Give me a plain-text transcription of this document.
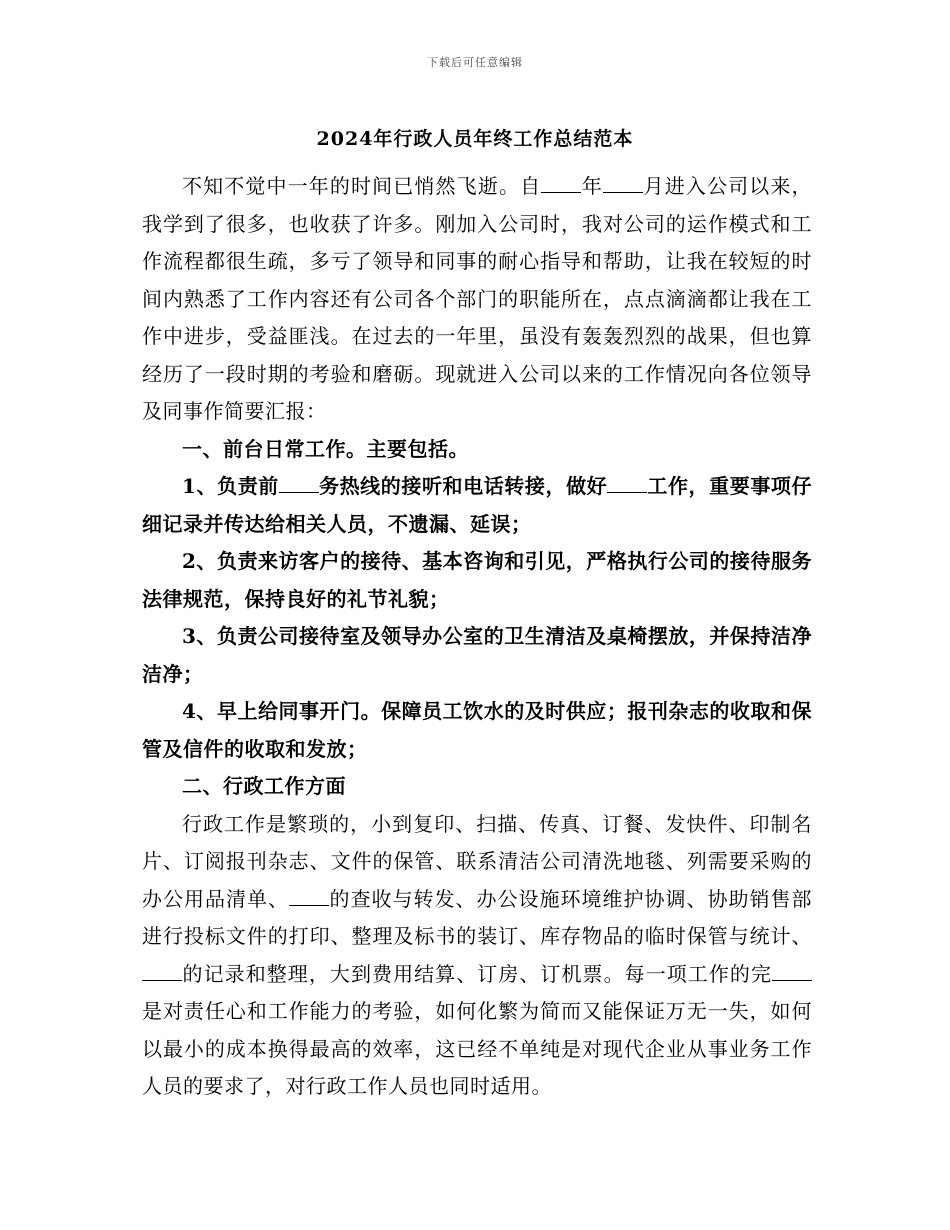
下载后可任意编辑
2024年行政人员年终工作总结范本

不知不觉中一年的时间已悄然飞逝。自 年 月进入公司以来，我学到了很多，也收获了许多。刚加入公司时，我对公司的运作模式和工作流程都很生疏，多亏了领导和同事的耐心指导和帮助，让我在较短的时间内熟悉了工作内容还有公司各个部门的职能所在，点点滴滴都让我在工作中进步，受益匪浅。在过去的一年里，虽没有轰轰烈烈的战果，但也算经历了一段时期的考验和磨砺。现就进入公司以来的工作情况向各位领导及同事作简要汇报：

一、前台日常工作。主要包括。

1、负责前 务热线的接听和电话转接，做好 工作，重要事项仔细记录并传达给相关人员，不遗漏、延误；

2、负责来访客户的接待、基本咨询和引见，严格执行公司的接待服务法律规范，保持良好的礼节礼貌；

3、负责公司接待室及领导办公室的卫生清洁及桌椅摆放，并保持洁净洁净；

4、早上给同事开门。保障员工饮水的及时供应；报刊杂志的收取和保管及信件的收取和发放；

二、行政工作方面

行政工作是繁琐的，小到复印、扫描、传真、订餐、发快件、印制名片、订阅报刊杂志、文件的保管、联系清洁公司清洗地毯、列需要采购的办公用品清单、 的查收与转发、办公设施环境维护协调、协助销售部进行投标文件的打印、整理及标书的装订、库存物品的临时保管与统计、的记录和整理，大到费用结算、订房、订机票。每一项工作的完是对责任心和工作能力的考验，如何化繁为简而又能保证万无一失，如何以最小的成本换得最高的效率，这已经不单纯是对现代企业从事业务工作人员的要求了，对行政工作人员也同时适用。
